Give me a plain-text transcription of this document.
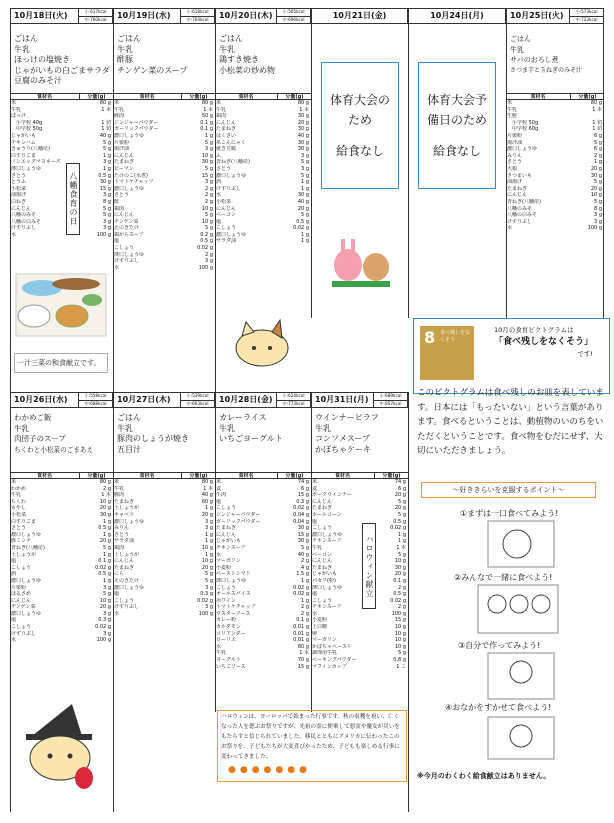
10月18日(火)	小:617kcal
中:760kcal	10月19日(水)	小:618kcal
中:764kcal	10月20日(木)	小:565kcal
中:696kcal	10月21日(金)	10月24日(月)	10月25日(火)	小:573kcal
中:723kcal
ごはん
牛乳
ほっけの塩焼き
じゃがいもの白ごまサラダ
豆腐のみそ汁
ごはん
牛乳
酢豚
チンゲン菜のスープ
ごはん
牛乳
鶏すき焼き
小松菜の炒め物
ごはん
牛乳
サバのおろし煮
さつま芋と玉ねぎのみそ汁
体育大会のため
給食なし
体育大会予備日のため
給食なし
食材名	分量(g)
米	80 g
牛乳	1 本
ほっけ
小学校 40g	1 切
中学校 50g	1 切
じゃがいも	40 g
チキンハム	5 g
きゅうり(八幡産)	5 g
白すりごま	1 g
ノンエッグマヨネーズ	3 g
薄口しょうゆ	1 g
さとう	0.5 g
とうふ	30 g
小松菜	15 g
油揚げ	3 g
白ねぎ	8 g
にんじん	5 g
八幡のみそ	5 g
八幡の白みそ	3 g
けずりぶし	3 g
水	100 g
食材名	分量(g)
米	80 g
牛乳	1 本
豚肉	50 g
ジンジャーパウダー	0.1 g
ガーリックパウダー	0.1 g
濃口しょうゆ	1 g
片栗粉	5 g
揚げ油	3 g
にんじん	10 g
たまねぎ	30 g
ピーマン	5 g
たけのこ(水煮)	15 g
トマトケチャップ	3 g
濃口しょうゆ	2 g
さとう	2 g
酢	2 g
鶏肉	10 g
にんじん	5 g
チンゲン菜	10 g
えのきたけ	5 g
鶏がらスープ	0.2 g
塩	0.5 g
こしょう	0.02 g
薄口しょうゆ	2 g
けずりぶし	3 g
水	100 g
食材名	分量(g)
米	80 g
牛乳	1 本
鶏肉	30 g
にんじん	20 g
たまねぎ	30 g
はくさい	40 g
糸こんにゃく	30 g
焼き豆腐	30 g
ふ	3 g
青ねぎ(八幡産)	5 g
さとう	3 g
濃口しょうゆ	5 g
酒	1 g
けずりぶし	1 g
水	30 g
小松菜	40 g
にんじん	20 g
ベーコン	5 g
塩	0.5 g
こしょう	0.02 g
濃口しょうゆ	1 g
サラダ油	1 g
食材名	分量(g)
米	80 g
牛乳	1 本
生鮭
小学校 50g	1 切
中学校 60g	1 切
片栗粉	6 g
揚げ油	5 g
濃口しょうゆ	6 g
みりん	2 g
さとう	1 g
大根	20 g
さつまいも	30 g
油揚げ	5 g
たまねぎ	20 g
にんじん	10 g
青ねぎ(八幡産)	5 g
八幡のみそ	8 g
八幡の白みそ	3 g
けずりぶし	3 g
水	100 g
八幡食育の日
一汁三菜の和食献立です。
10月26日(水)	小:558kcal
中:688kcal	10月27日(木)	小:539kcal
中:663kcal	10月28日(金)	小:624kcal
中:773kcal	10月31日(月)	小:689kcal
中:857kcal
わかめご飯
牛乳
肉団子のスープ
ちくわと小松菜のごまあえ
ごはん
牛乳
豚肉のしょうが焼き
五目汁
カレーライス
牛乳
いちごヨーグルト
ウインナーピラフ
牛乳
コンソメスープ
かぼちゃケーキ
食材名	分量(g)
米	80 g
わかめ	2 g
牛乳	1 本
ちくわ	10 g
もやし	20 g
小松菜	30 g
白すりごま	1 g
さとう	0.5 g
濃口しょうゆ	1 g
豚ミンチ	20 g
青ねぎ(八幡産)	5 g
土しょうが	1 g
塩	0.1 g
こしょう	0.02 g
酒	0.5 g
濃口しょうゆ	1 g
片栗粉	3 g
はるさめ	5 g
にんじん	10 g
チンゲン菜	20 g
濃口しょうゆ	3 g
塩	0.3 g
こしょう	0.02 g
けずりぶし	3 g
水	100 g
食材名	分量(g)
米	80 g
牛乳	1 本
豚肉	40 g
たまねぎ	60 g
土しょうが	1 g
キャベツ	20 g
濃口しょうゆ	3 g
みりん	3 g
さとう	1 g
サラダ油	1 g
鶏肉	10 g
土しょうが	1 g
にんじん	10 g
たまねぎ	20 g
にら	5 g
えのきたけ	5 g
濃口しょうゆ	3 g
塩	0.3 g
こしょう	0.02 g
けずりぶし	3 g
水	100 g
食材名	分量(g)
米	74 g
麦	6 g
牛肉	15 g
塩	0.3 g
こしょう	0.02 g
ジンジャーパウダー	0.04 g
ガーリックパウダー	0.04 g
たまねぎ	30 g
にんじん	15 g
じゃがいも	30 g
チキンスープ	5 g
水	40 g
マーガリン	2 g
小麦粉	4 g
ベーストトマト	1.5 g
薄口しょうゆ	1 g
こしょう	0.02 g
オールスパイス	0.02 g
赤ワイン	1 g
トマトケチャップ	2 g
ウスターソース	2 g
カレー粉	0.1 g
カルダモン	0.01 g
コリアンダー	0.01 g
ローリエ	0.01 g
水	80 g
牛乳	1 本
ヨーグルト	70 g
いちごソース	15 g
食材名	分量(g)
米	74 g
麦	6 g
ボークウインナー	20 g
にんじん	5 g
たまねぎ	20 g
ホールコーン	5 g
塩	0.5 g
こしょう	0.02 g
濃口しょうゆ	1 g
チキンスープ	1 g
牛乳	1 本
ベーコン	5 g
にんじん	10 g
たまねぎ	30 g
じゃがいも	20 g
パセリ(粉)	0.1 g
薄口しょうゆ	2 g
塩	0.5 g
こしょう	0.02 g
チキンスープ	2 g
水	100 g
小麦粉	15 g
上白糖	10 g
卵	10 g
マーガリン	10 g
かぼちゃペースト	10 g
調理用牛乳	5 g
ベーキングパウダー	0.8 g
マフィンカップ	1 こ
ハロウィン献立
ハロウィンは、ヨーロッパで始まった行事です。秋の収穫を祝い、亡くなった人を偲ぶお祭りですが、先祖の霊に便乗して悪霊や魔女が災いをもたらすと信じられていました。移民とともにアメリカに伝わったこのお祭りを、子どもたちが大変喜びかったため、子どもも楽しめる行事に変わってきました。
●●●●●●●
8 食べ残しをなくそう
10月の食育ピクトグラムは
「食べ残しをなくそう」
です!
このピクトグラムは食べ残しのお皿を表しています。日本には「もったいない」という言葉があります。食べるということは、動植物のいのちをいただくということです。食べ物をむだにせず、大切にいただきましょう。
〜好ききらいを克服するポイント〜
①まずは一口食べてみよう!
②みんなで一緒に食べよう!
③自分で作ってみよう!
④おなかをすかせて食べよう!
※今月のわくわく給食献立はありません。
